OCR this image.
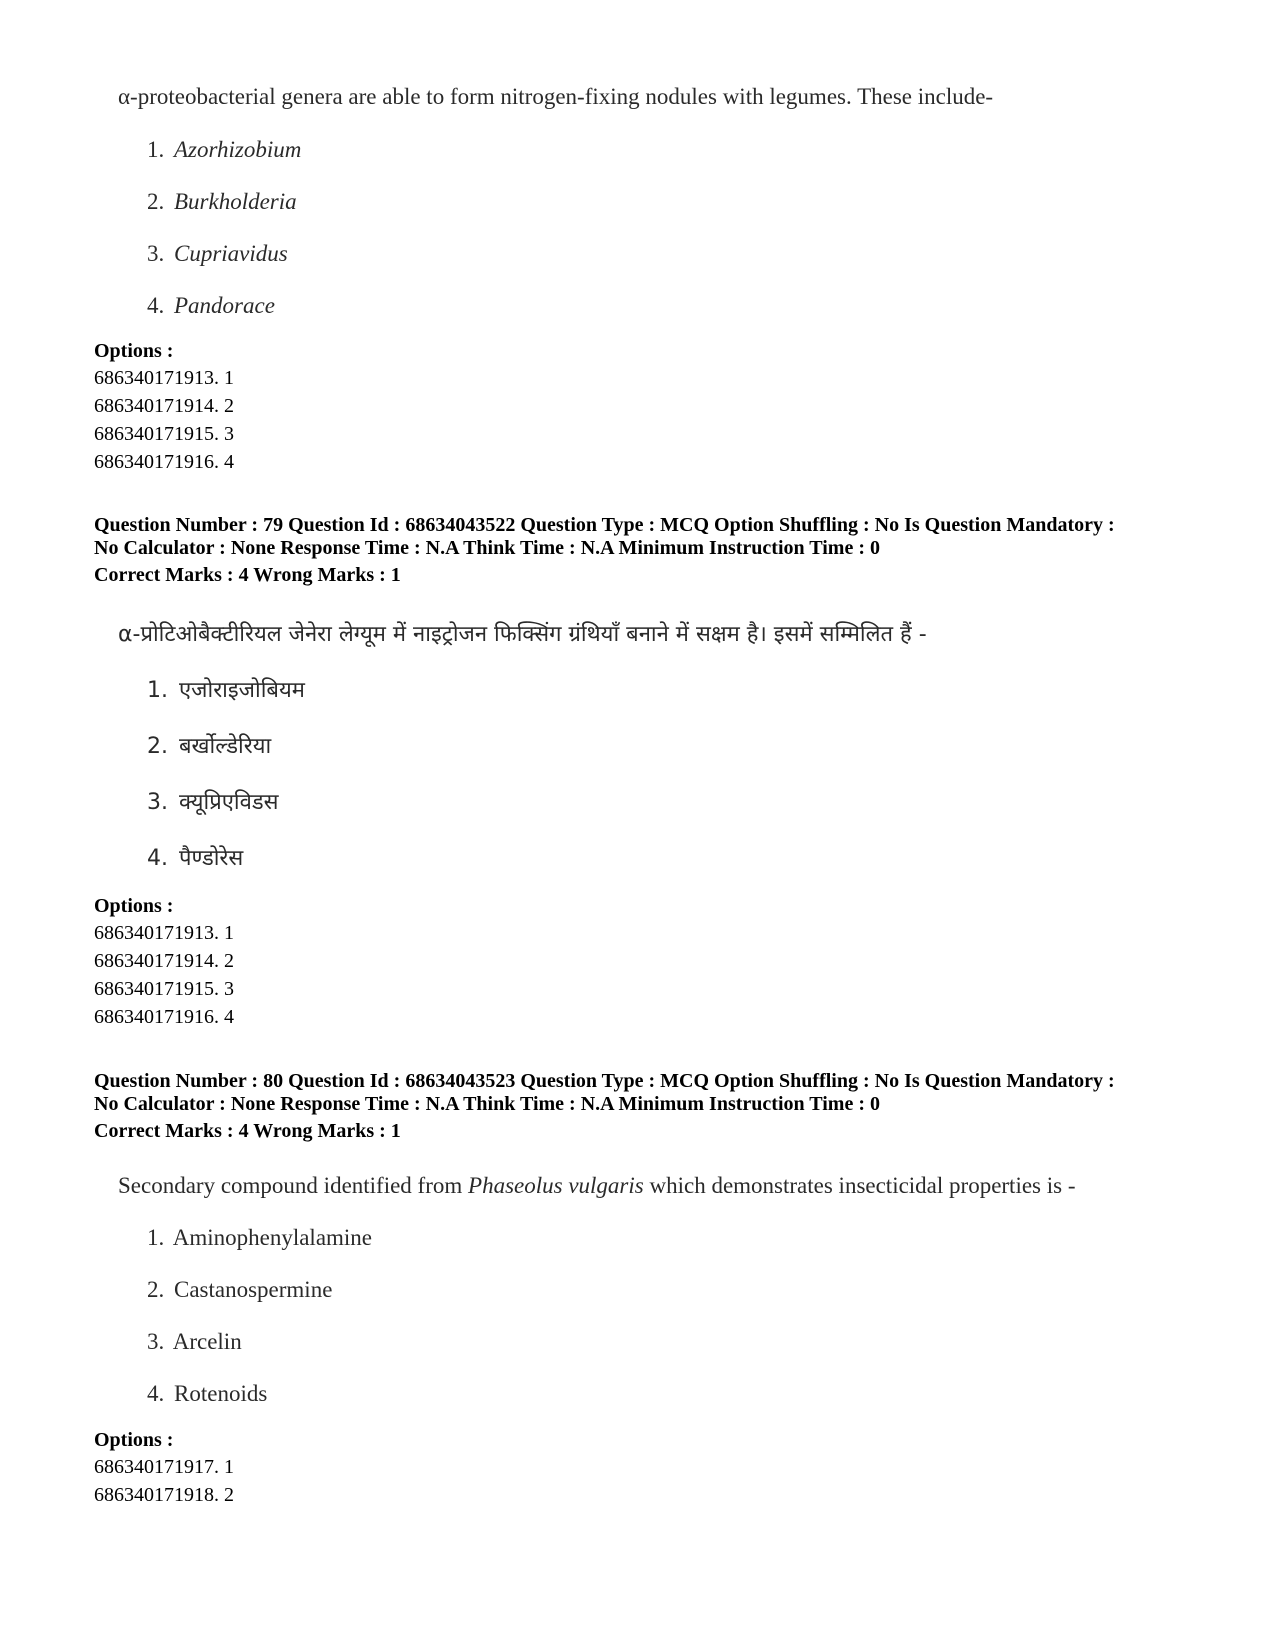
α-proteobacterial genera are able to form nitrogen-fixing nodules with legumes. These include-
1. Azorhizobium
2. Burkholderia
3. Cupriavidus
4. Pandorace
Options :
686340171913. 1
686340171914. 2
686340171915. 3
686340171916. 4
Question Number : 79 Question Id : 68634043522 Question Type : MCQ Option Shuffling : No Is Question Mandatory :
No Calculator : None Response Time : N.A Think Time : N.A Minimum Instruction Time : 0
Correct Marks : 4 Wrong Marks : 1
α-प्रोटिओबैक्टीरियल जेनेरा लेग्यूम में नाइट्रोजन फिक्सिंग ग्रंथियाँ बनाने में सक्षम है। इसमें सम्मिलित हैं -
1. एजोराइजोबियम
2. बर्खोल्डेरिया
3. क्यूप्रिएविडस
4. पैण्डोरेस
Options :
686340171913. 1
686340171914. 2
686340171915. 3
686340171916. 4
Question Number : 80 Question Id : 68634043523 Question Type : MCQ Option Shuffling : No Is Question Mandatory :
No Calculator : None Response Time : N.A Think Time : N.A Minimum Instruction Time : 0
Correct Marks : 4 Wrong Marks : 1
Secondary compound identified from Phaseolus vulgaris which demonstrates insecticidal properties is -
1. Aminophenylalamine
2. Castanospermine
3. Arcelin
4. Rotenoids
Options :
686340171917. 1
686340171918. 2
